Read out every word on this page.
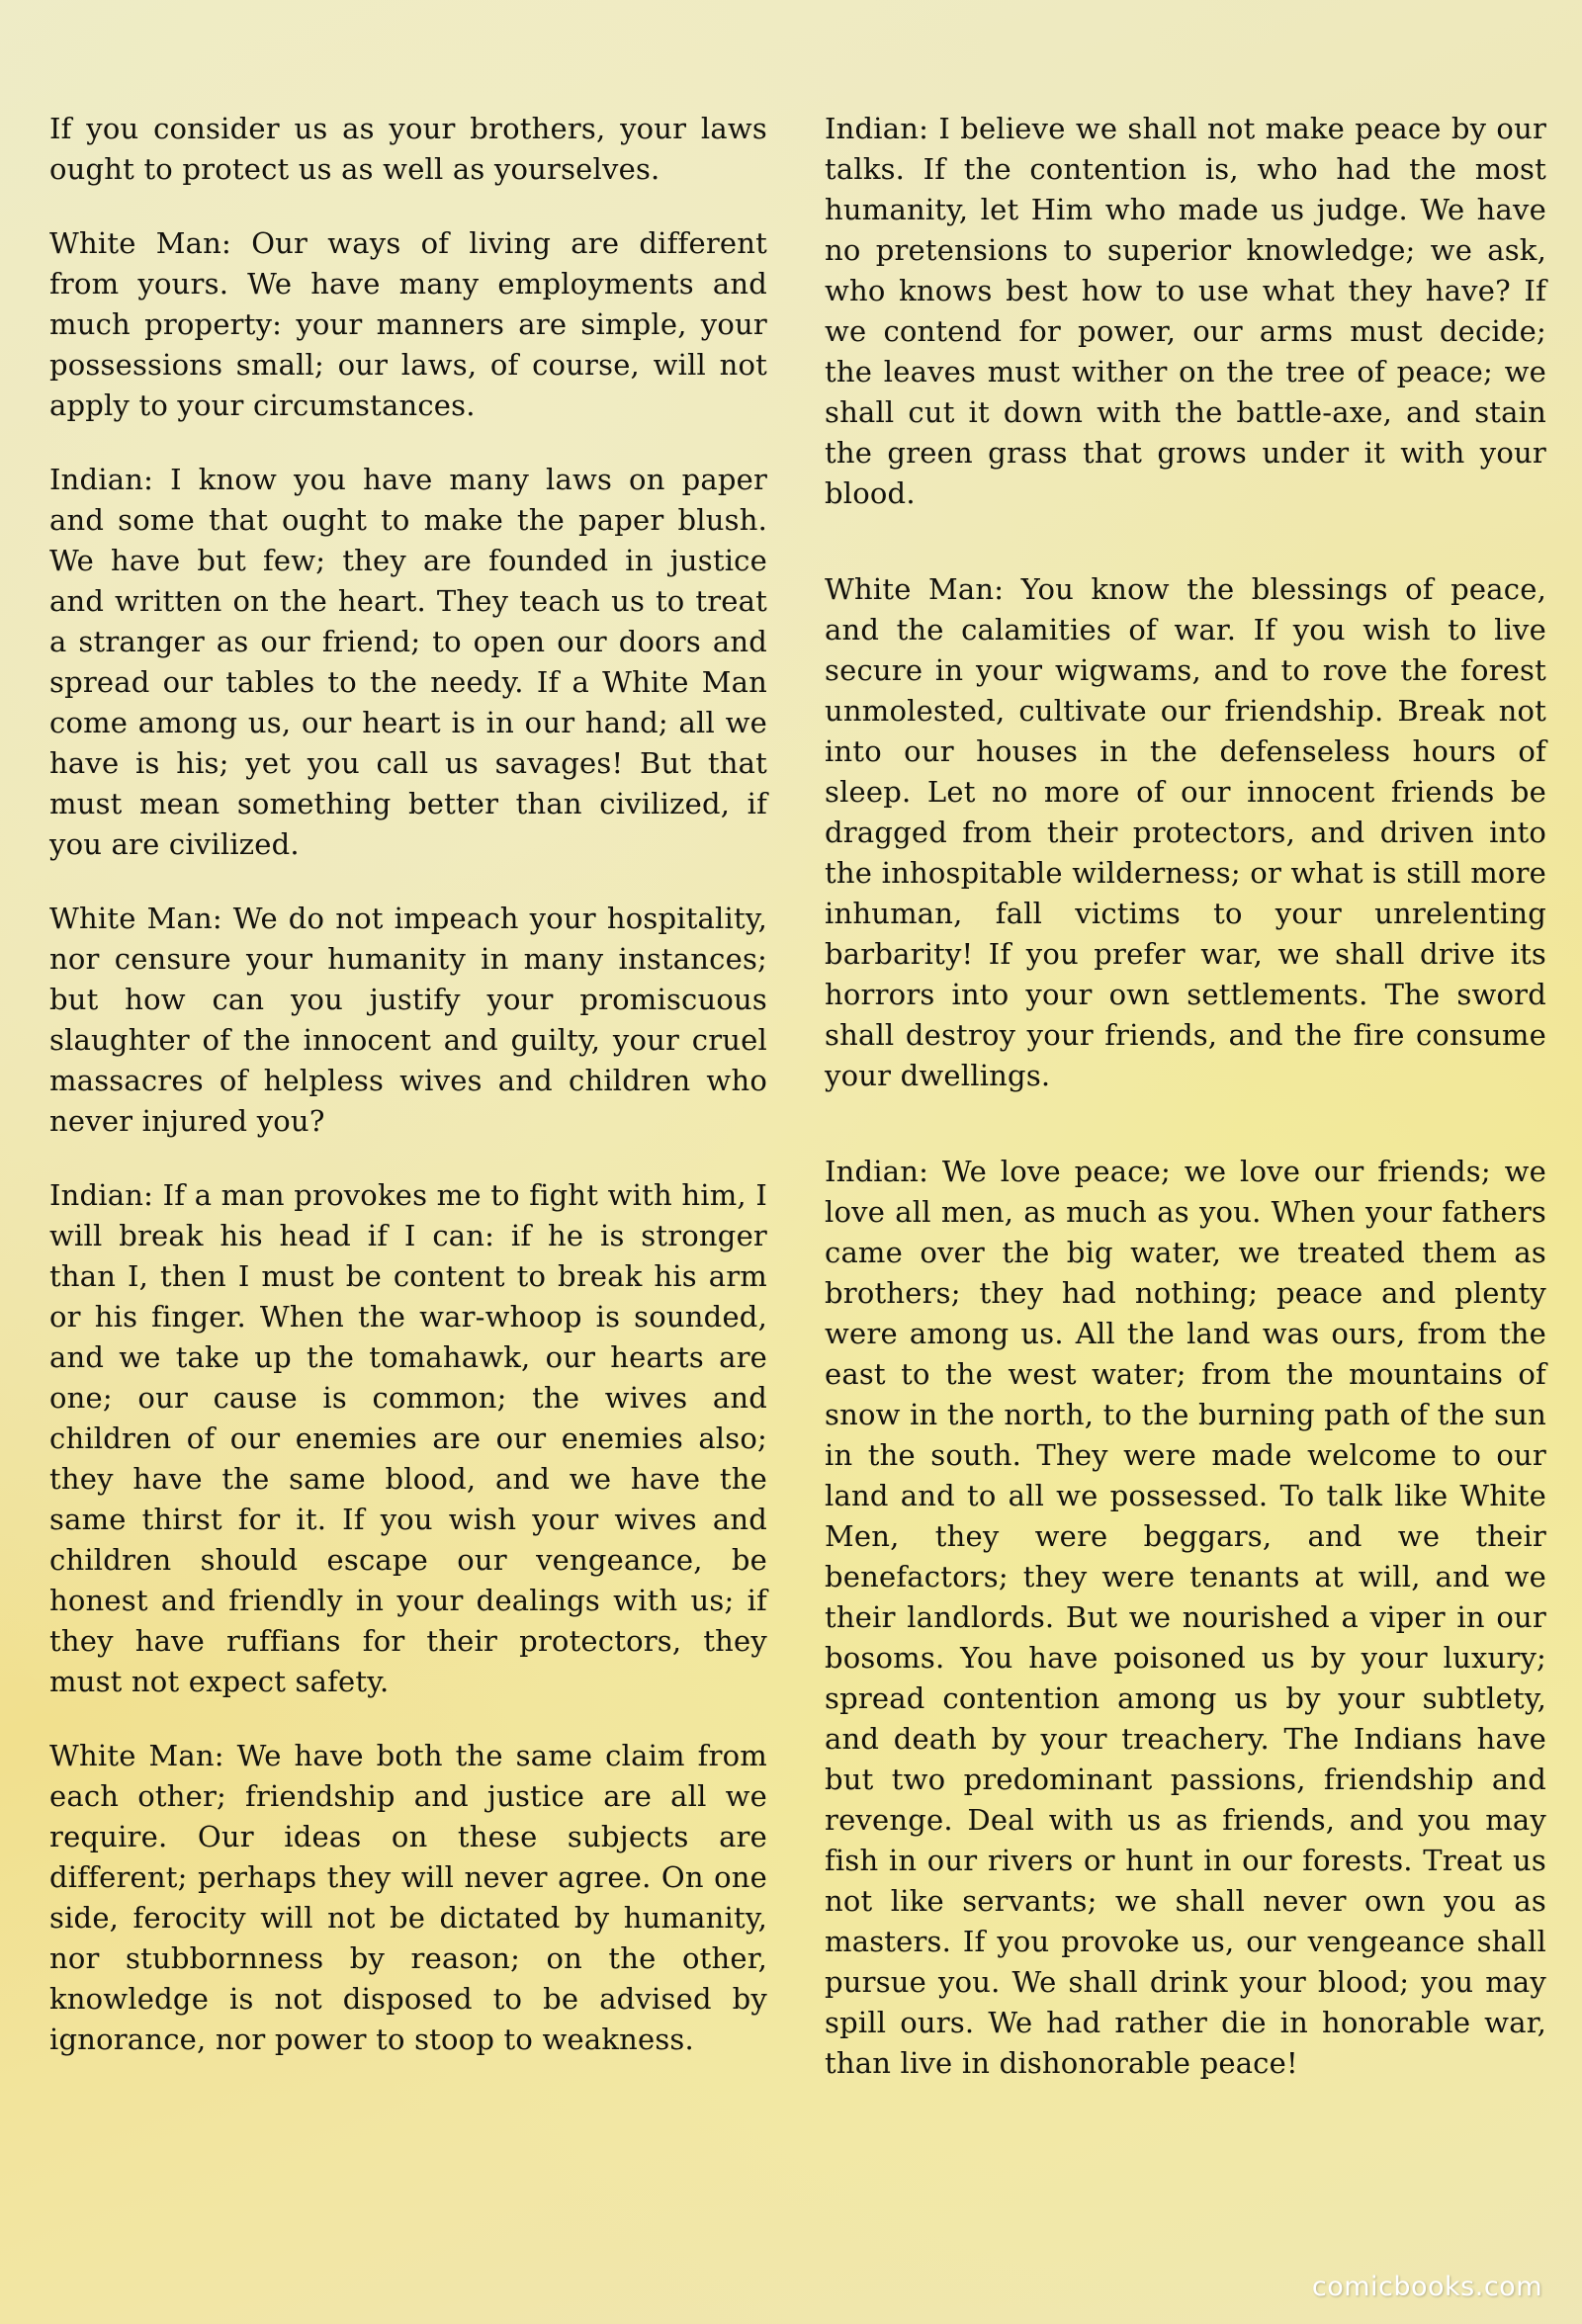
If you consider us as your brothers, your laws ought to protect us as well as yourselves.

White Man: Our ways of living are different from yours. We have many employments and much property: your manners are simple, your possessions small; our laws, of course, will not apply to your circumstances.

Indian: I know you have many laws on paper and some that ought to make the paper blush. We have but few; they are founded in justice and written on the heart. They teach us to treat a stranger as our friend; to open our doors and spread our tables to the needy. If a White Man come among us, our heart is in our hand; all we have is his; yet you call us savages! But that must mean something better than civilized, if you are civilized.

White Man: We do not impeach your hospitality, nor censure your humanity in many instances; but how can you justify your promiscuous slaughter of the innocent and guilty, your cruel massacres of helpless wives and children who never injured you?

Indian: If a man provokes me to fight with him, I will break his head if I can: if he is stronger than I, then I must be content to break his arm or his finger. When the war-whoop is sounded, and we take up the tomahawk, our hearts are one; our cause is common; the wives and children of our enemies are our enemies also; they have the same blood, and we have the same thirst for it. If you wish your wives and children should escape our vengeance, be honest and friendly in your dealings with us; if they have ruffians for their protectors, they must not expect safety.

White Man: We have both the same claim from each other; friendship and justice are all we require. Our ideas on these subjects are different; perhaps they will never agree. On one side, ferocity will not be dictated by humanity, nor stubbornness by reason; on the other, knowledge is not disposed to be advised by ignorance, nor power to stoop to weakness.

Indian: I believe we shall not make peace by our talks. If the contention is, who had the most humanity, let Him who made us judge. We have no pretensions to superior knowledge; we ask, who knows best how to use what they have? If we contend for power, our arms must decide; the leaves must wither on the tree of peace; we shall cut it down with the battle-axe, and stain the green grass that grows under it with your blood.

White Man: You know the blessings of peace, and the calamities of war. If you wish to live secure in your wigwams, and to rove the forest unmolested, cultivate our friendship. Break not into our houses in the defenseless hours of sleep. Let no more of our innocent friends be dragged from their protectors, and driven into the inhospitable wilderness; or what is still more inhuman, fall victims to your unrelenting barbarity! If you prefer war, we shall drive its horrors into your own settlements. The sword shall destroy your friends, and the fire consume your dwellings.

Indian: We love peace; we love our friends; we love all men, as much as you. When your fathers came over the big water, we treated them as brothers; they had nothing; peace and plenty were among us. All the land was ours, from the east to the west water; from the mountains of snow in the north, to the burning path of the sun in the south. They were made welcome to our land and to all we possessed. To talk like White Men, they were beggars, and we their benefactors; they were tenants at will, and we their landlords. But we nourished a viper in our bosoms. You have poisoned us by your luxury; spread contention among us by your subtlety, and death by your treachery. The Indians have but two predominant passions, friendship and revenge. Deal with us as friends, and you may fish in our rivers or hunt in our forests. Treat us not like servants; we shall never own you as masters. If you provoke us, our vengeance shall pursue you. We shall drink your blood; you may spill ours. We had rather die in honorable war, than live in dishonorable peace!

comicbooks.com
